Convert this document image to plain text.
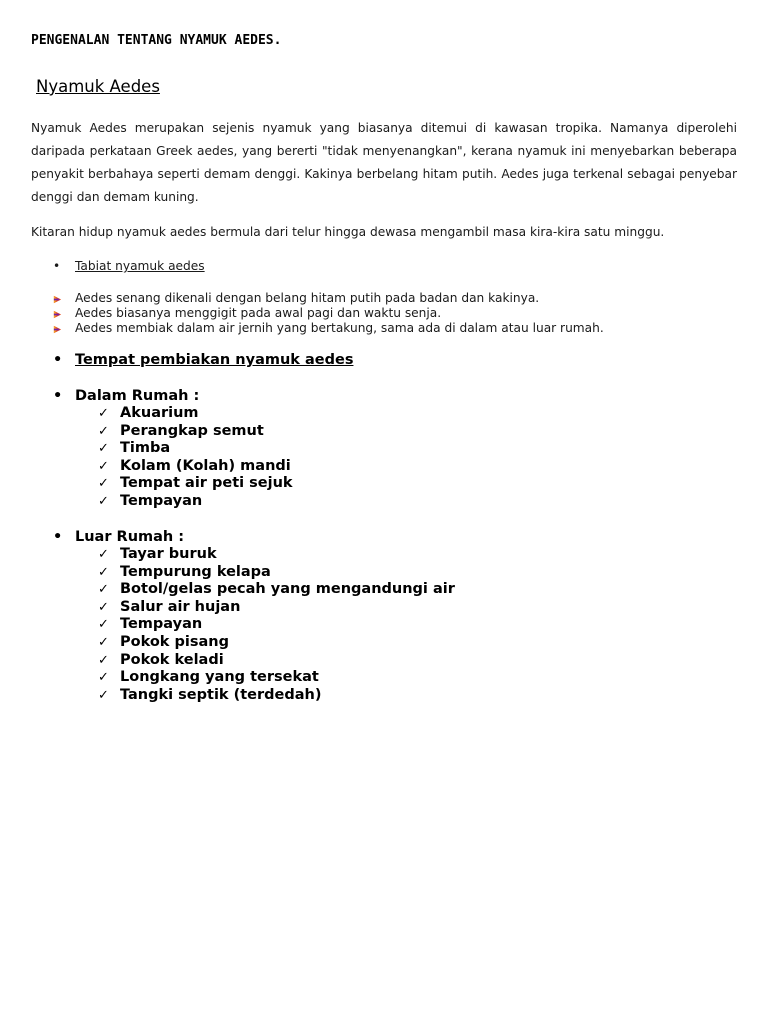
PENGENALAN TENTANG NYAMUK AEDES.
Nyamuk Aedes

Nyamuk Aedes merupakan sejenis nyamuk yang biasanya ditemui di kawasan tropika. Namanya diperolehi daripada perkataan Greek aedes, yang bererti "tidak menyenangkan", kerana nyamuk ini menyebarkan beberapa penyakit berbahaya seperti demam denggi. Kakinya berbelang hitam putih. Aedes juga terkenal sebagai penyebar denggi dan demam kuning.

Kitaran hidup nyamuk aedes bermula dari telur hingga dewasa mengambil masa kira-kira satu minggu.

• Tabiat nyamuk aedes

Aedes senang dikenali dengan belang hitam putih pada badan dan kakinya.
Aedes biasanya menggigit pada awal pagi dan waktu senja.
Aedes membiak dalam air jernih yang bertakung, sama ada di dalam atau luar rumah.

• Tempat pembiakan nyamuk aedes

• Dalam Rumah :
✓ Akuarium
✓ Perangkap semut
✓ Timba
✓ Kolam (Kolah) mandi
✓ Tempat air peti sejuk
✓ Tempayan
• Luar Rumah :
✓ Tayar buruk
✓ Tempurung kelapa
✓ Botol/gelas pecah yang mengandungi air
✓ Salur air hujan
✓ Tempayan
✓ Pokok pisang
✓ Pokok keladi
✓ Longkang yang tersekat
✓ Tangki septik (terdedah)
